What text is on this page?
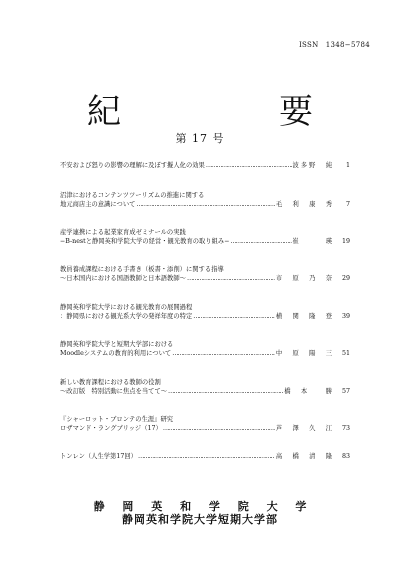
ISSN　1348−5784
紀　要
第 17 号
不安および怒りの影響の理解に及ぼす擬人化の効果 …………………………………………………………………………………………………………………………………………	波多野　純	1
沼津におけるコンテンツツーリズムの推進に関する
地元商店主の意識について …………………………………………………………………………………………………………………………………………	毛　利　康　秀	7
産学連携による起業家育成ゼミナールの実践
−B-nestと静岡英和学院大学の経営・観光教育の取り組み− …………………………………………………………………………………………………………………………………………	崔　　　瑛	19
教員養成課程における手書き（板書・添削）に関する指導
〜日本国内における国語教師と日本語教師〜 …………………………………………………………………………………………………………………………………………	市　原　乃　奈	29
静岡英和学院大学における観光教育の展開過程
：静岡県における観光系大学の発祥年度の特定 …………………………………………………………………………………………………………………………………………	横　関　隆　登	39
静岡英和学院大学と短期大学部における
Moodleシステムの教育的利用について …………………………………………………………………………………………………………………………………………	中　原　陽　三	51
新しい教育課程における教師の役割
〜改訂版　特別活動に焦点を当てて〜 …………………………………………………………………………………………………………………………………………	橋　本　　勝	57
『シャーロット・ブロンテの生涯』研究
ロザマンド・ラングブリッジ（17） …………………………………………………………………………………………………………………………………………	芦　澤　久　江	73
トンレン（人生学第17回） …………………………………………………………………………………………………………………………………………	高　橋　清　隆	83
静 岡 英 和 学 院 大 学
静岡英和学院大学短期大学部
